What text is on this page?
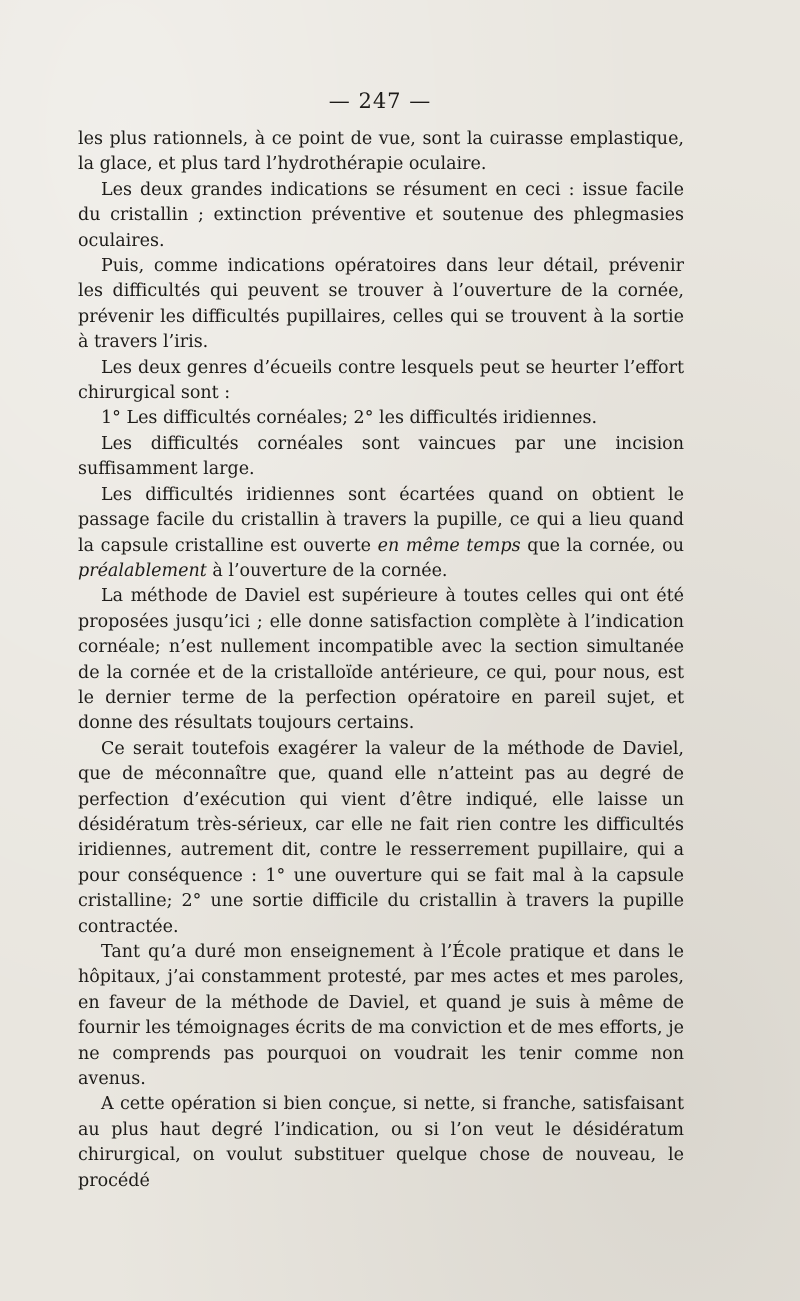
— 247 —

les plus rationnels, à ce point de vue, sont la cuirasse emplastique, la glace, et plus tard l’hydrothérapie oculaire.

Les deux grandes indications se résument en ceci : issue facile du cristallin ; extinction préventive et soutenue des phlegmasies oculaires.

Puis, comme indications opératoires dans leur détail, prévenir les difficultés qui peuvent se trouver à l’ouverture de la cornée, prévenir les difficultés pupillaires, celles qui se trouvent à la sortie à travers l’iris.

Les deux genres d’écueils contre lesquels peut se heurter l’effort chirurgical sont :

1° Les difficultés cornéales; 2° les difficultés iridiennes.

Les difficultés cornéales sont vaincues par une incision suffisamment large.

Les difficultés iridiennes sont écartées quand on obtient le passage facile du cristallin à travers la pupille, ce qui a lieu quand la capsule cristalline est ouverte en même temps que la cornée, ou préalablement à l’ouverture de la cornée.

La méthode de Daviel est supérieure à toutes celles qui ont été proposées jusqu’ici ; elle donne satisfaction complète à l’indication cornéale; n’est nullement incompatible avec la section simultanée de la cornée et de la cristalloïde antérieure, ce qui, pour nous, est le dernier terme de la perfection opératoire en pareil sujet, et donne des résultats toujours certains.

Ce serait toutefois exagérer la valeur de la méthode de Daviel, que de méconnaître que, quand elle n’atteint pas au degré de perfection d’exécution qui vient d’être indiqué, elle laisse un désidératum très-sérieux, car elle ne fait rien contre les difficultés iridiennes, autrement dit, contre le resserrement pupillaire, qui a pour conséquence : 1° une ouverture qui se fait mal à la capsule cristalline; 2° une sortie difficile du cristallin à travers la pupille contractée.

Tant qu’a duré mon enseignement à l’École pratique et dans le hôpitaux, j’ai constamment protesté, par mes actes et mes paroles, en faveur de la méthode de Daviel, et quand je suis à même de fournir les témoignages écrits de ma conviction et de mes efforts, je ne comprends pas pourquoi on voudrait les tenir comme non avenus.

A cette opération si bien conçue, si nette, si franche, satisfaisant au plus haut degré l’indication, ou si l’on veut le désidératum chirurgical, on voulut substituer quelque chose de nouveau, le procédé
